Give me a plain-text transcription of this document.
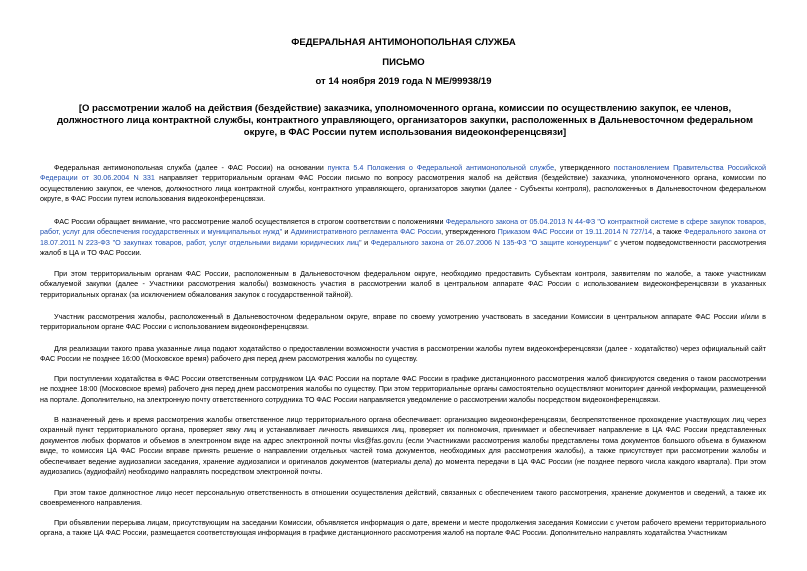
ФЕДЕРАЛЬНАЯ АНТИМОНОПОЛЬНАЯ СЛУЖБА
ПИСЬМО
от 14 ноября 2019 года N МЕ/99938/19
[О рассмотрении жалоб на действия (бездействие) заказчика, уполномоченного органа, комиссии по осуществлению закупок, ее членов, должностного лица контрактной службы, контрактного управляющего, организаторов закупки, расположенных в Дальневосточном федеральном округе, в ФАС России путем использования видеоконференцсвязи]

Федеральная антимонопольная служба (далее - ФАС России) на основании пункта 5.4 Положения о Федеральной антимонопольной службе, утвержденного постановлением Правительства Российской Федерации от 30.06.2004 N 331 направляет территориальным органам ФАС России письмо по вопросу рассмотрения жалоб на действия (бездействие) заказчика, уполномоченного органа, комиссии по осуществлению закупок, ее членов, должностного лица контрактной службы, контрактного управляющего, организаторов закупки (далее - Субъекты контроля), расположенных в Дальневосточном федеральном округе, в ФАС России путем использования видеоконференцсвязи.

ФАС России обращает внимание, что рассмотрение жалоб осуществляется в строгом соответствии с положениями Федерального закона от 05.04.2013 N 44-ФЗ "О контрактной системе в сфере закупок товаров, работ, услуг для обеспечения государственных и муниципальных нужд" и Административного регламента ФАС России, утвержденного Приказом ФАС России от 19.11.2014 N 727/14, а также Федерального закона от 18.07.2011 N 223-ФЗ "О закупках товаров, работ, услуг отдельными видами юридических лиц" и Федерального закона от 26.07.2006 N 135-ФЗ "О защите конкуренции" с учетом подведомственности рассмотрения жалоб в ЦА и ТО ФАС России.

При этом территориальным органам ФАС России, расположенным в Дальневосточном федеральном округе, необходимо предоставить Субъектам контроля, заявителям по жалобе, а также участникам обжалуемой закупки (далее - Участники рассмотрения жалобы) возможность участия в рассмотрении жалоб в центральном аппарате ФАС России с использованием видеоконференцсвязи в указанных территориальных органах (за исключением обжалования закупок с государственной тайной).

Участник рассмотрения жалобы, расположенный в Дальневосточном федеральном округе, вправе по своему усмотрению участвовать в заседании Комиссии в центральном аппарате ФАС России и/или в территориальном органе ФАС России с использованием видеоконференцсвязи.

Для реализации такого права указанные лица подают ходатайство о предоставлении возможности участия в рассмотрении жалобы путем видеоконференцсвязи (далее - ходатайство) через официальный сайт ФАС России не позднее 16:00 (Московское время) рабочего дня перед днем рассмотрения жалобы по существу.

При поступлении ходатайства в ФАС России ответственным сотрудником ЦА ФАС России на портале ФАС России в графике дистанционного рассмотрения жалоб фиксируются сведения о таком рассмотрении не позднее 18:00 (Московское время) рабочего дня перед днем рассмотрения жалобы по существу. При этом территориальные органы самостоятельно осуществляют мониторинг данной информации, размещенной на портале. Дополнительно, на электронную почту ответственного сотрудника ТО ФАС России направляется уведомление о рассмотрении жалобы посредством видеоконференцсвязи.

В назначенный день и время рассмотрения жалобы ответственное лицо территориального органа обеспечивает: организацию видеоконференцсвязи, беспрепятственное прохождение участвующих лиц через охранный пункт территориального органа, проверяет явку лиц и устанавливает личность явившихся лиц, проверяет их полномочия, принимает и обеспечивает направление в ЦА ФАС России представленных документов любых форматов и объемов в электронном виде на адрес электронной почты vks@fas.gov.ru (если Участниками рассмотрения жалобы представлены тома документов большого объема в бумажном виде, то комиссия ЦА ФАС России вправе принять решение о направлении отдельных частей тома документов, необходимых для рассмотрения жалобы), а также присутствует при рассмотрении жалобы и обеспечивает ведение аудиозаписи заседания, хранение аудиозаписи и оригиналов документов (материалы дела) до момента передачи в ЦА ФАС России (не позднее первого числа каждого квартала). При этом аудиозапись (аудиофайл) необходимо направлять посредством электронной почты.

При этом такое должностное лицо несет персональную ответственность в отношении осуществления действий, связанных с обеспечением такого рассмотрения, хранение документов и сведений, а также их своевременного направления.

При объявлении перерыва лицам, присутствующим на заседании Комиссии, объявляется информация о дате, времени и месте продолжения заседания Комиссии с учетом рабочего времени территориального органа, а также ЦА ФАС России, размещается соответствующая информация в графике дистанционного рассмотрения жалоб на портале ФАС России. Дополнительно направлять ходатайства Участникам
